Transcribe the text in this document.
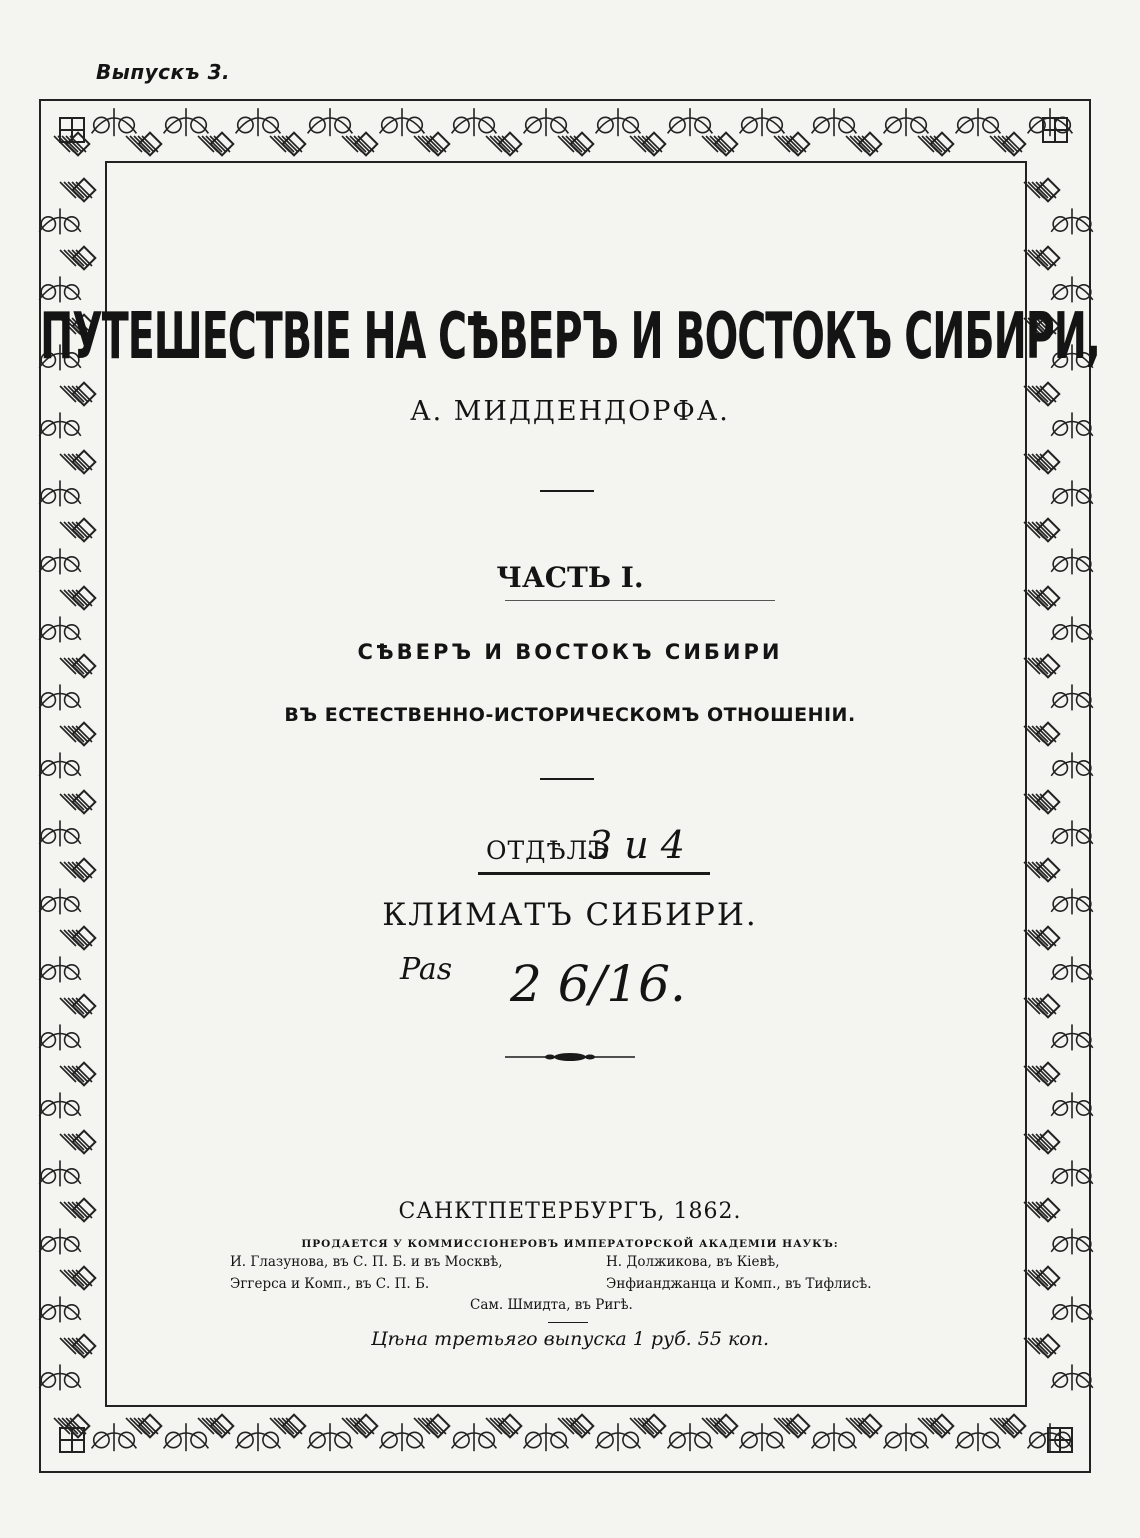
Выпускъ 3.
ПУТЕШЕСТВІЕ НА СѢВЕРЪ И ВОСТОКЪ СИБИРИ,
А. МИДДЕНДОРФА.
ЧАСТЬ I.
СѢВЕРЪ И ВОСТОКЪ СИБИРИ
ВЪ ЕСТЕСТВЕННО-ИСТОРИЧЕСКОМЪ ОТНОШЕНІИ.
ОТДѢЛЪ
3 и 4
КЛИМАТЪ СИБИРИ.
Pas 2 6/16.
САНКТПЕТЕРБУРГЪ, 1862.
ПРОДАЕТСЯ У КОММИССІОНЕРОВЪ ИМПЕРАТОРСКОЙ АКАДЕМІИ НАУКЪ:
И. Глазунова, въ С. П. Б. и въ Москвѣ,	Н. Должикова, въ Кіевѣ,
Эггерса и Комп., въ С. П. Б.	Энфианджанца и Комп., въ Тифлисѣ.
Сам. Шмидта, въ Ригѣ.
Цѣна третьяго выпуска 1 руб. 55 коп.
